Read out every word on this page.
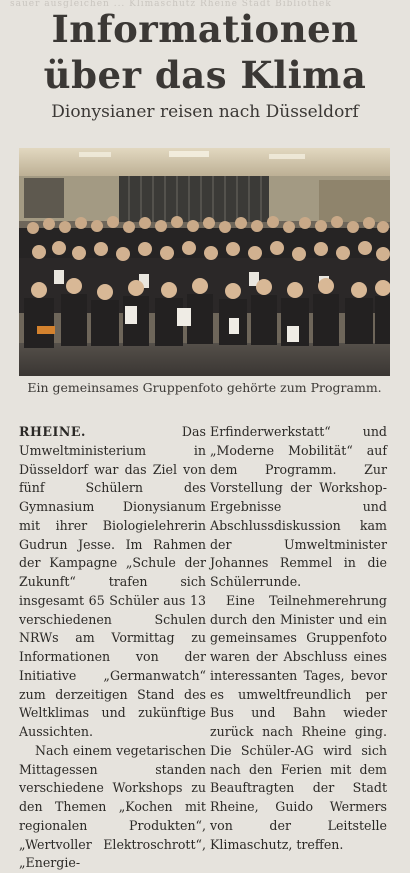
sauer ausgleichen ... Klimaschutz Rheine Stadt Bibliothek
Informationen
über das Klima
Dionysianer reisen nach Düsseldorf
Ein gemeinsames Gruppenfoto gehörte zum Programm.

RHEINE. Das Umweltministerium in Düsseldorf war das Ziel von fünf Schülern des Gymnasium Dionysianum mit ihrer Biologielehrerin Gudrun Jesse. Im Rahmen der Kampagne „Schule der Zukunft“ trafen sich insgesamt 65 Schüler aus 13 verschiedenen Schulen NRWs am Vormittag zu Informationen von der Initiative „Germanwatch“ zum derzeitigen Stand des Weltklimas und zukünftige Aussichten.

Nach einem vegetarischen Mittagessen standen verschiedene Workshops zu den Themen „Kochen mit regionalen Produkten“, „Wertvoller Elektroschrott“, „Energie-

Erfinderwerkstatt“ und „Moderne Mobilität“ auf dem Programm. Zur Vorstellung der Workshop-Ergebnisse und Abschlussdiskussion kam der Umweltminister Johannes Remmel in die Schülerrunde.

Eine Teilnehmerehrung durch den Minister und ein gemeinsames Gruppenfoto waren der Abschluss eines interessanten Tages, bevor es umweltfreundlich per Bus und Bahn wieder zurück nach Rheine ging. Die Schüler-AG wird sich nach den Ferien mit dem Beauftragten der Stadt Rheine, Guido Wermers von der Leitstelle Klimaschutz, treffen.
